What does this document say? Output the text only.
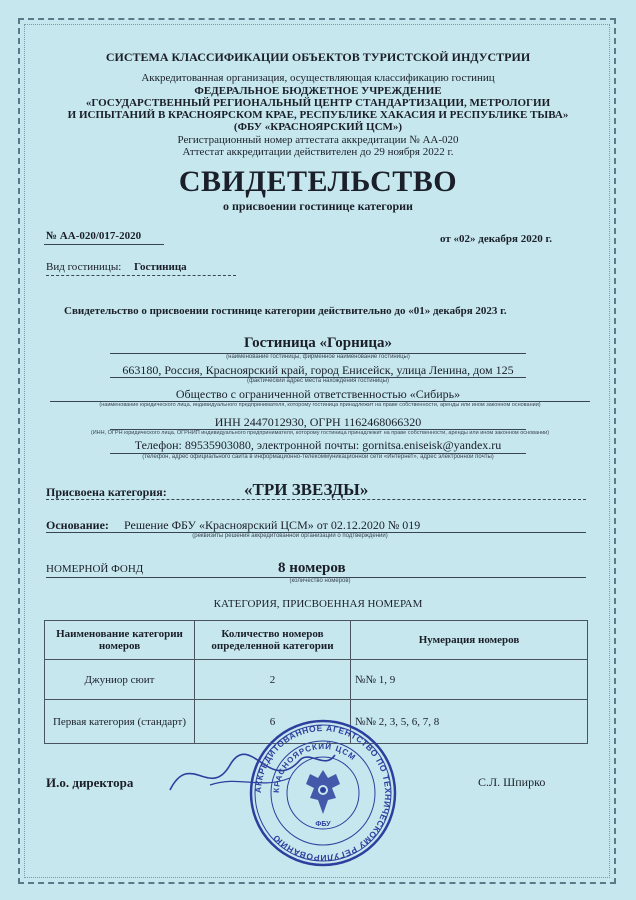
СИСТЕМА КЛАССИФИКАЦИИ ОБЪЕКТОВ ТУРИСТСКОЙ ИНДУСТРИИ
Аккредитованная организация, осуществляющая классификацию гостиниц
ФЕДЕРАЛЬНОЕ БЮДЖЕТНОЕ УЧРЕЖДЕНИЕ
«ГОСУДАРСТВЕННЫЙ РЕГИОНАЛЬНЫЙ ЦЕНТР СТАНДАРТИЗАЦИИ, МЕТРОЛОГИИ
И ИСПЫТАНИЙ В КРАСНОЯРСКОМ КРАЕ, РЕСПУБЛИКЕ ХАКАСИЯ И РЕСПУБЛИКЕ ТЫВА»
(ФБУ «КРАСНОЯРСКИЙ ЦСМ»)
Регистрационный номер аттестата аккредитации № АА-020
Аттестат аккредитации действителен до 29 ноября 2022 г.
СВИДЕТЕЛЬСТВО
о присвоении гостинице категории
№ АА-020/017-2020	от «02» декабря 2020 г.
Вид гостиницы: Гостиница
Свидетельство о присвоении гостинице категории действительно до «01» декабря 2023 г.
Гостиница «Горница»
(наименование гостиницы, фирменное наименование гостиницы)
663180, Россия, Красноярский край, город Енисейск, улица Ленина, дом 125
(фактический адрес места нахождения гостиницы)
Общество с ограниченной ответственностью «Сибирь»
(наименование юридического лица, индивидуального предпринимателя, которому гостиница принадлежит на праве собственности, аренды или ином законном основании)
ИНН 2447012930, ОГРН 1162468066320
(ИНН, ОГРН юридического лица, ОГРНИП индивидуального предпринимателя, которому гостиница принадлежит на праве собственности, аренды или ином законном основании)
Телефон: 89535903080, электронной почты: gornitsa.eniseisk@yandex.ru
(телефон, адрес официального сайта в информационно-телекоммуникационной сети «Интернет», адрес электронной почты)
Присвоена категория:	«ТРИ ЗВЕЗДЫ»
Основание: Решение ФБУ «Красноярский ЦСМ» от 02.12.2020 № 019
(реквизиты решения аккредитованной организации о подтверждении)
НОМЕРНОЙ ФОНД	8 номеров
(количество номеров)
КАТЕГОРИЯ, ПРИСВОЕННАЯ НОМЕРАМ
Наименование категории номеров	Количество номеров определенной категории	Нумерация номеров
Джуниор сюит	2	№№ 1, 9
Первая категория (стандарт)	6	№№ 2, 3, 5, 6, 7, 8
И.о. директора	С.Л. Шпирко
АККРЕДИТОВАННОЕ АГЕНТСТВО ПО ТЕХНИЧЕСКОМУ РЕГУЛИРОВАНИЮ
КРАСНОЯРСКИЙ ЦСМ
ФБУ
